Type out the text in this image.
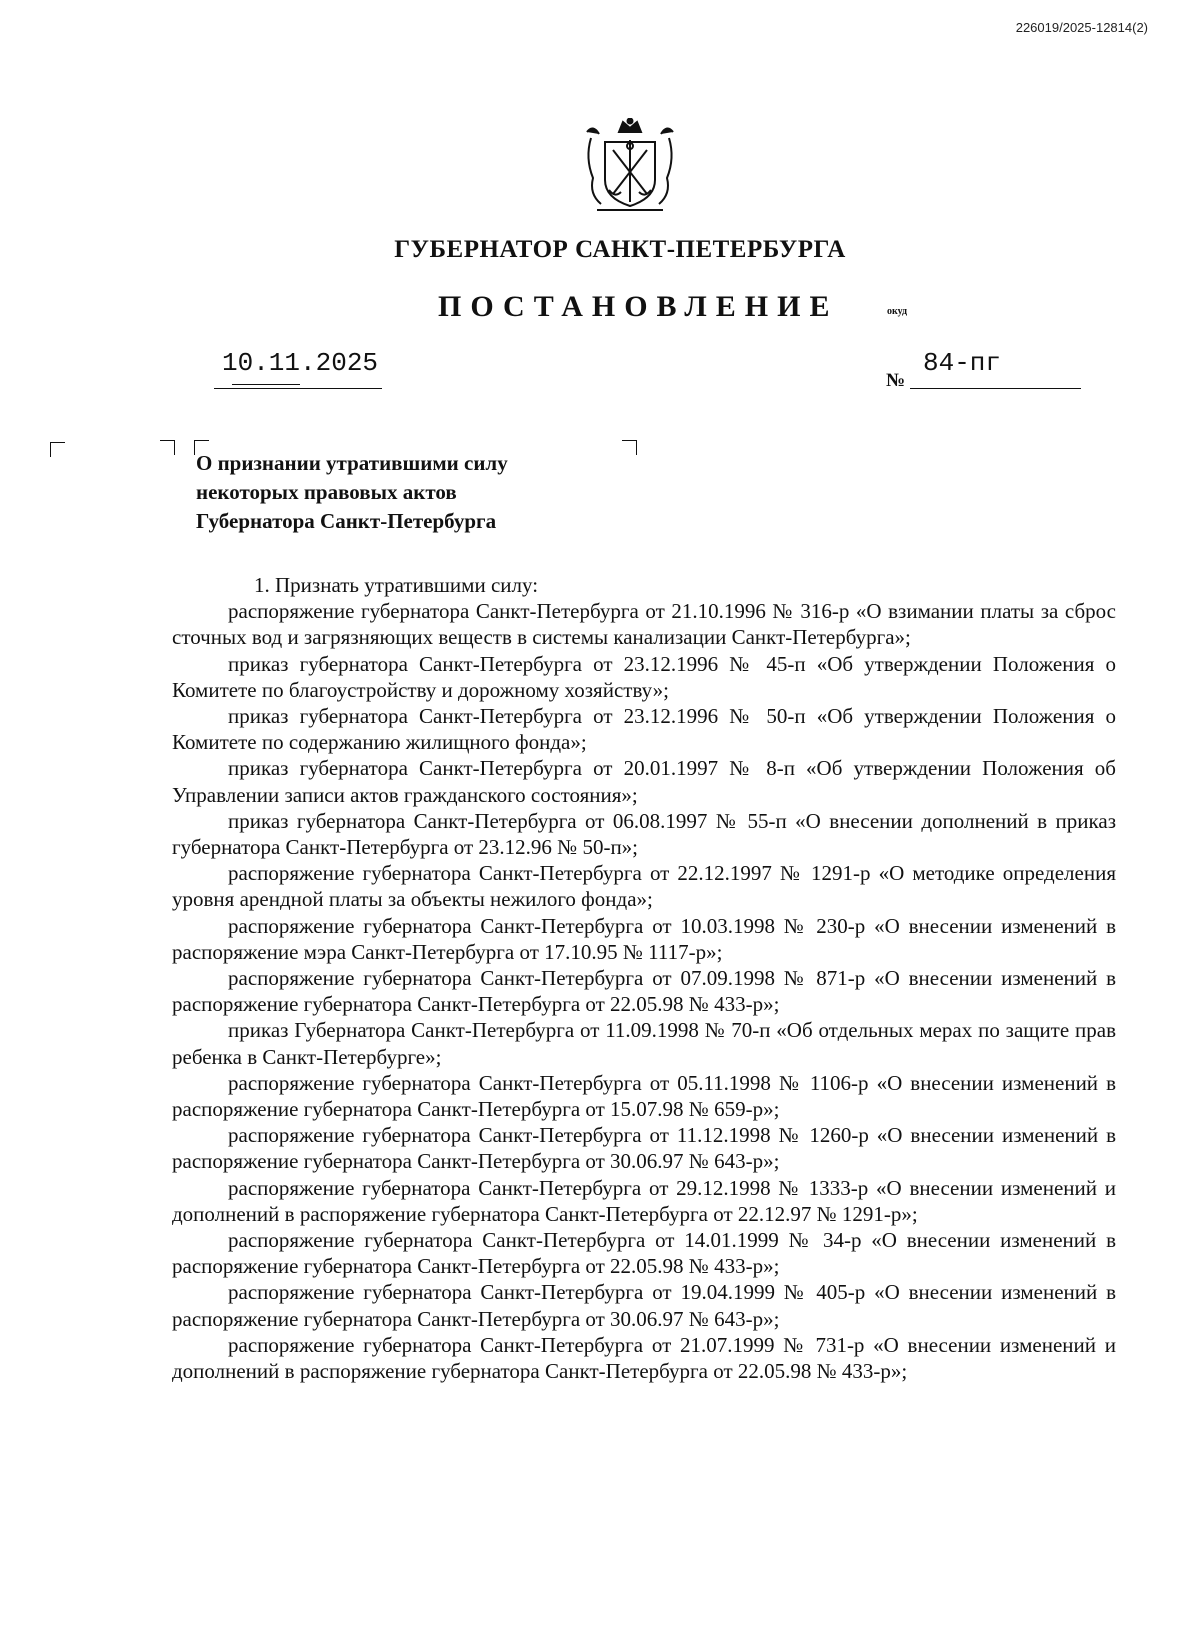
226019/2025-12814(2)
ГУБЕРНАТОР САНКТ-ПЕТЕРБУРГА
ПОСТАНОВЛЕНИЕ	окуд
10.11.2025
№
84-пг
О признании утратившими силу
некоторых правовых актов
Губернатора Санкт-Петербурга

1. Признать утратившими силу:

распоряжение губернатора Санкт-Петербурга от 21.10.1996 № 316-р «О взимании платы за сброс сточных вод и загрязняющих веществ в системы канализации Санкт-Петербурга»;

приказ губернатора Санкт-Петербурга от 23.12.1996 № 45-п «Об утверждении Положения о Комитете по благоустройству и дорожному хозяйству»;

приказ губернатора Санкт-Петербурга от 23.12.1996 № 50-п «Об утверждении Положения о Комитете по содержанию жилищного фонда»;

приказ губернатора Санкт-Петербурга от 20.01.1997 № 8-п «Об утверждении Положения об Управлении записи актов гражданского состояния»;

приказ губернатора Санкт-Петербурга от 06.08.1997 № 55-п «О внесении дополнений в приказ губернатора Санкт-Петербурга от 23.12.96 № 50-п»;

распоряжение губернатора Санкт-Петербурга от 22.12.1997 № 1291-р «О методике определения уровня арендной платы за объекты нежилого фонда»;

распоряжение губернатора Санкт-Петербурга от 10.03.1998 № 230-р «О внесении изменений в распоряжение мэра Санкт-Петербурга от 17.10.95 № 1117-р»;

распоряжение губернатора Санкт-Петербурга от 07.09.1998 № 871-р «О внесении изменений в распоряжение губернатора Санкт-Петербурга от 22.05.98 № 433-р»;

приказ Губернатора Санкт-Петербурга от 11.09.1998 № 70-п «Об отдельных мерах по защите прав ребенка в Санкт-Петербурге»;

распоряжение губернатора Санкт-Петербурга от 05.11.1998 № 1106-р «О внесении изменений в распоряжение губернатора Санкт-Петербурга от 15.07.98 № 659-р»;

распоряжение губернатора Санкт-Петербурга от 11.12.1998 № 1260-р «О внесении изменений в распоряжение губернатора Санкт-Петербурга от 30.06.97 № 643-р»;

распоряжение губернатора Санкт-Петербурга от 29.12.1998 № 1333-р «О внесении изменений и дополнений в распоряжение губернатора Санкт-Петербурга от 22.12.97 № 1291-р»;

распоряжение губернатора Санкт-Петербурга от 14.01.1999 № 34-р «О внесении изменений в распоряжение губернатора Санкт-Петербурга от 22.05.98 № 433-р»;

распоряжение губернатора Санкт-Петербурга от 19.04.1999 № 405-р «О внесении изменений в распоряжение губернатора Санкт-Петербурга от 30.06.97 № 643-р»;

распоряжение губернатора Санкт-Петербурга от 21.07.1999 № 731-р «О внесении изменений и дополнений в распоряжение губернатора Санкт-Петербурга от 22.05.98 № 433-р»;
